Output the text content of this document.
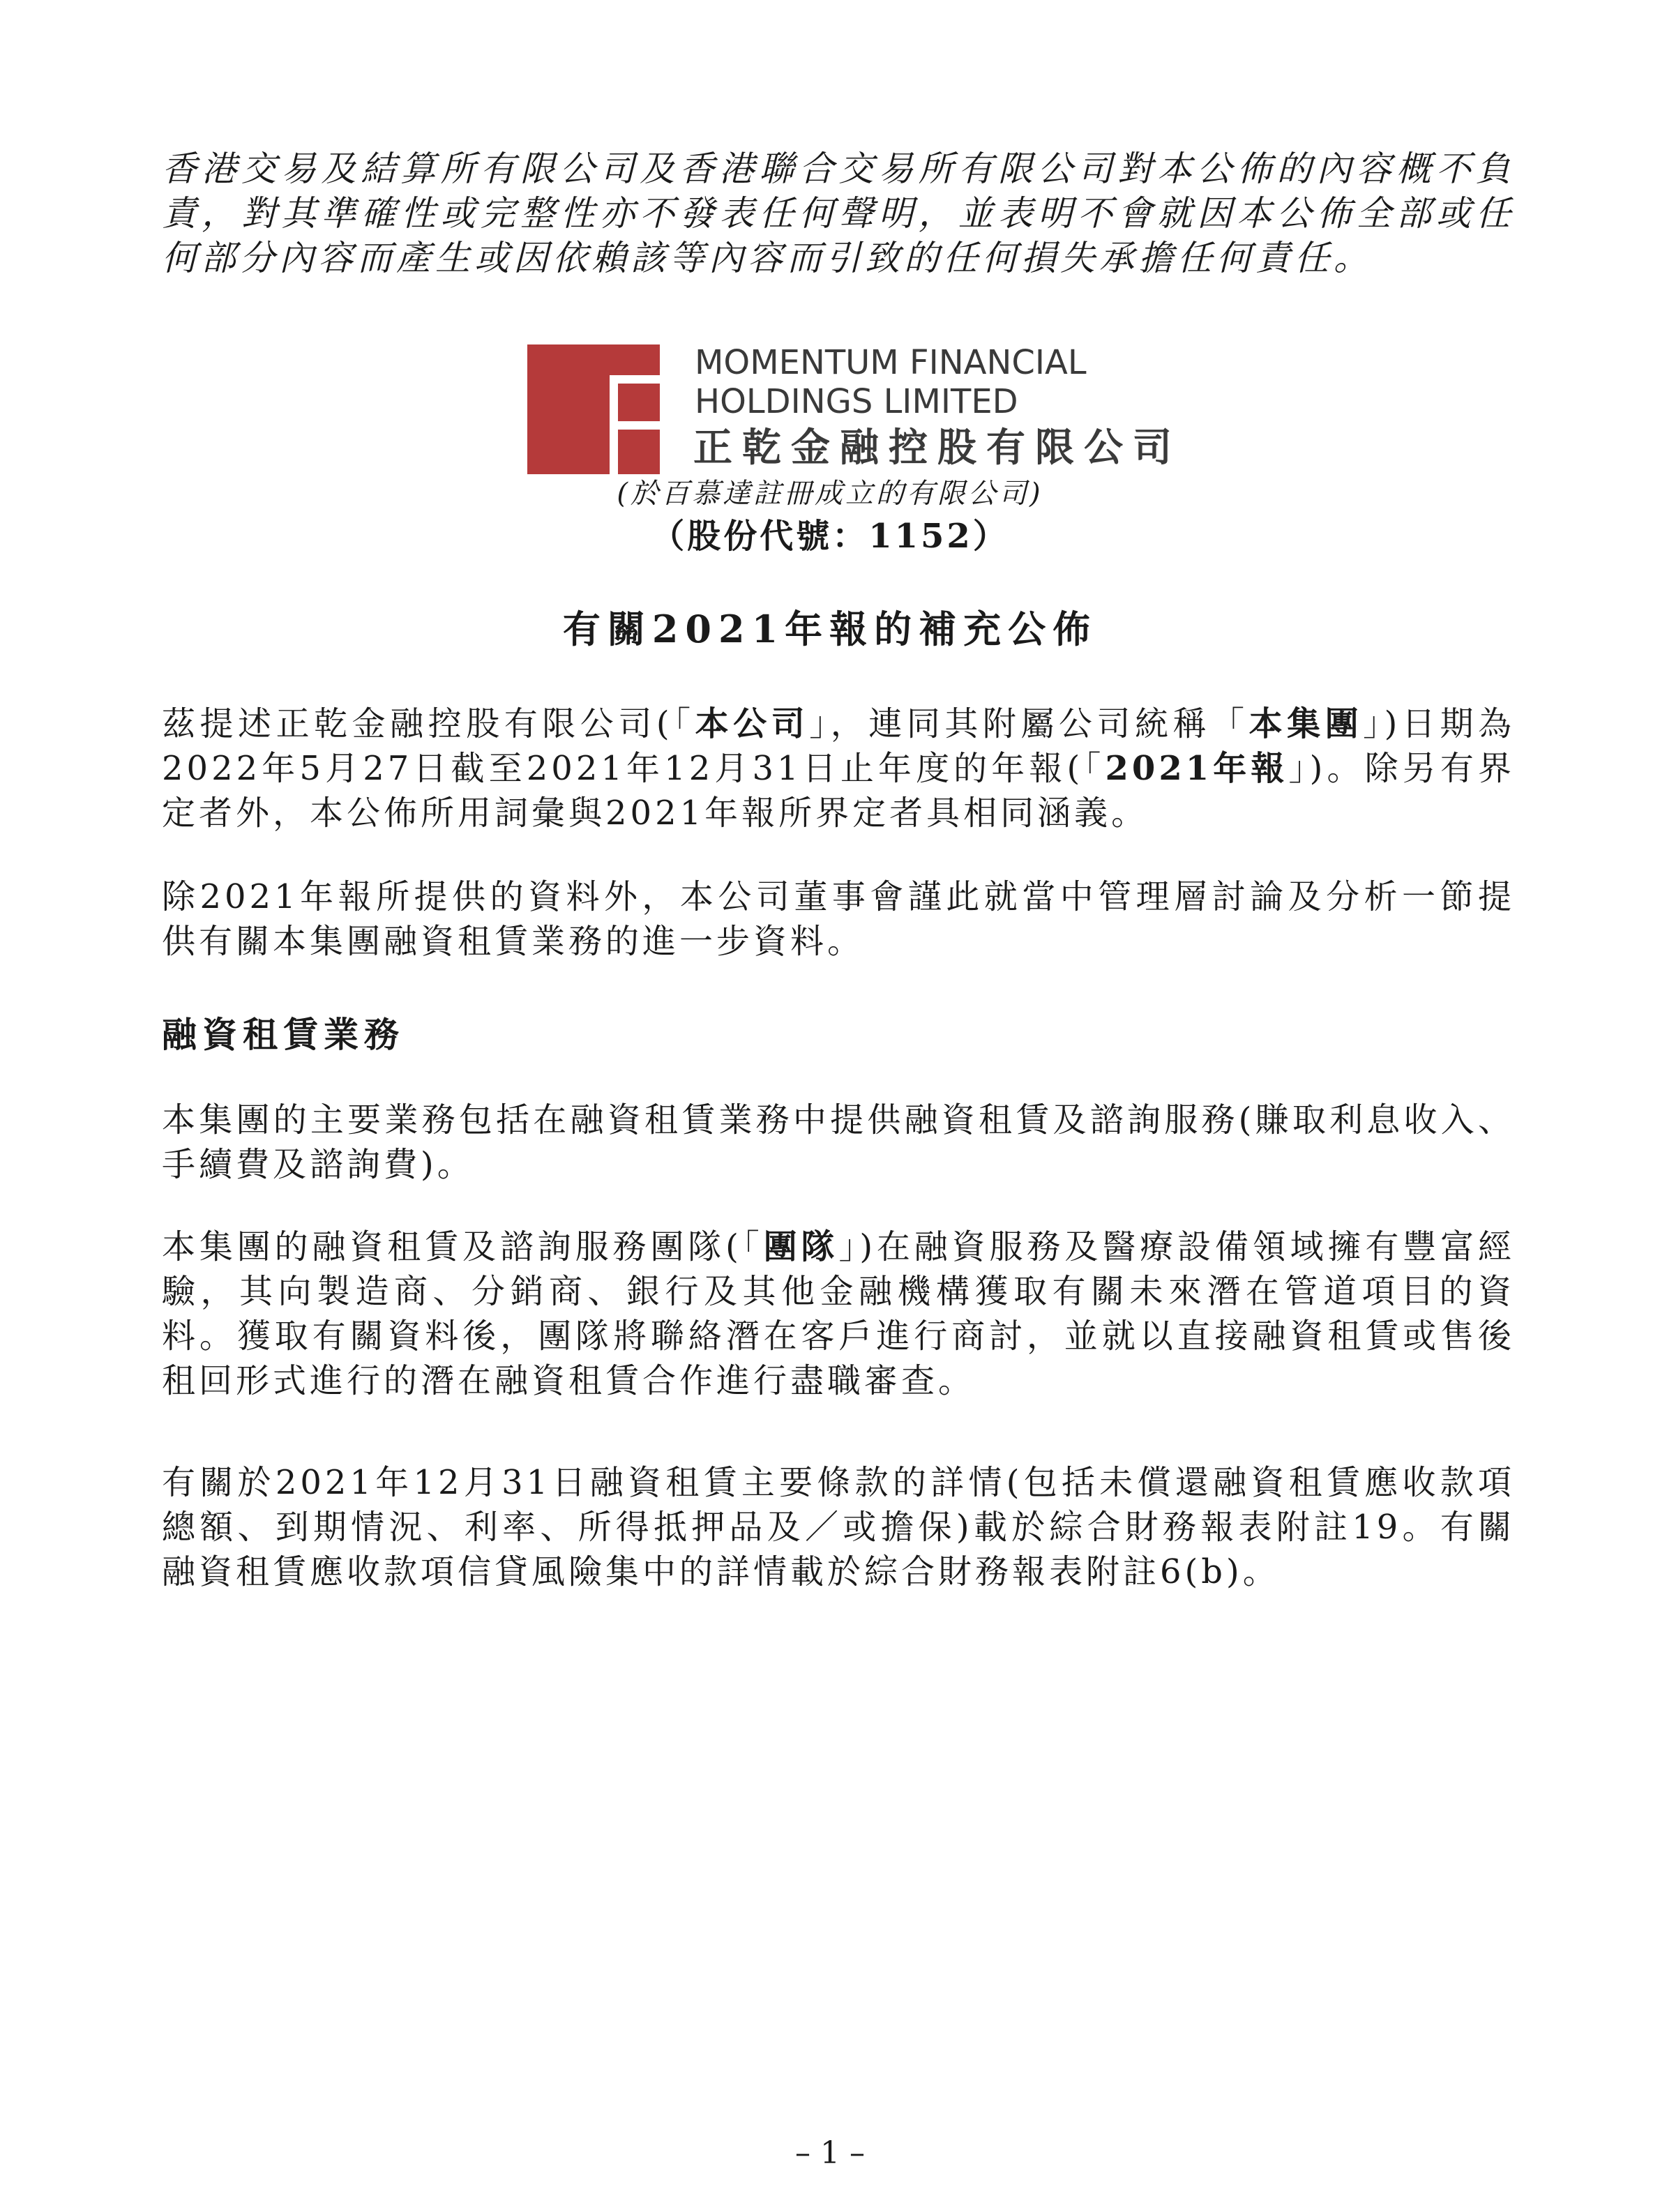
香港交易及結算所有限公司及香港聯合交易所有限公司對本公佈的內容概不負責，對其準確性或完整性亦不發表任何聲明，並表明不會就因本公佈全部或任何部分內容而產生或因依賴該等內容而引致的任何損失承擔任何責任。

MOMENTUM FINANCIAL
HOLDINGS LIMITED

正乾金融控股有限公司

(於百慕達註冊成立的有限公司)

（股份代號：1152）

有關2021年報的補充公佈

茲提述正乾金融控股有限公司(「本公司」，連同其附屬公司統稱「本集團」)日期為2022年5月27日截至2021年12月31日止年度的年報(「2021年報」)。除另有界定者外，本公佈所用詞彙與2021年報所界定者具相同涵義。

除2021年報所提供的資料外，本公司董事會謹此就當中管理層討論及分析一節提供有關本集團融資租賃業務的進一步資料。

融資租賃業務

本集團的主要業務包括在融資租賃業務中提供融資租賃及諮詢服務(賺取利息收入、手續費及諮詢費)。

本集團的融資租賃及諮詢服務團隊(「團隊」)在融資服務及醫療設備領域擁有豐富經驗，其向製造商、分銷商、銀行及其他金融機構獲取有關未來潛在管道項目的資料。獲取有關資料後，團隊將聯絡潛在客戶進行商討，並就以直接融資租賃或售後租回形式進行的潛在融資租賃合作進行盡職審查。

有關於2021年12月31日融資租賃主要條款的詳情(包括未償還融資租賃應收款項總額、到期情況、利率、所得抵押品及／或擔保)載於綜合財務報表附註19。有關融資租賃應收款項信貸風險集中的詳情載於綜合財務報表附註6(b)。

– 1 –
